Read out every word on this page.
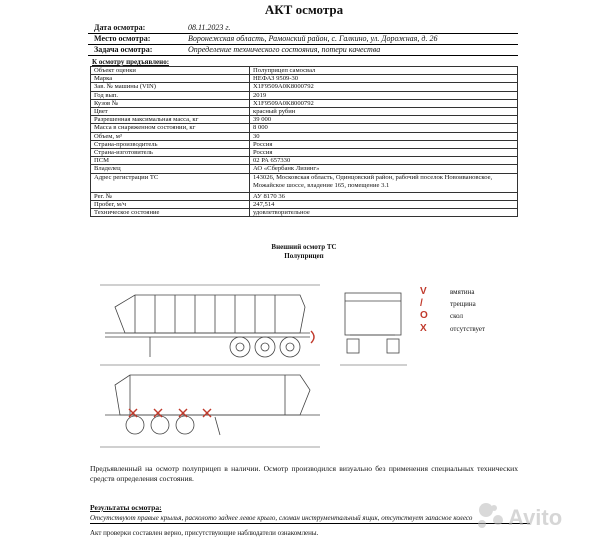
АКТ осмотра
Дата осмотра:	08.11.2023 г.
Место осмотра:	Воронежская область, Рамонский район, с. Галкино, ул. Дорожная, д. 26
Задача осмотра:	Определение технического состояния, потери качества
К осмотру предъявлено:
Объект оценки	Полуприцеп самосвал
Марка	НЕФАЗ 9509-30
Зав. № машины (VIN)	X1F9509A0K8000792
Год вып.	2019
Кузов №	X1F9509A0K8000792
Цвет	красный рубин
Разрешенная максимальная масса, кг	39 000
Масса в снаряженном состоянии, кг	8 000
Объем, м³	30
Страна-производитель	Россия
Страна-изготовитель	Россия
ПСМ	02 РА 657330
Владелец	АО «Сбербанк Лизинг»
Адрес регистрации ТС	143026, Московская область, Одинцовский район, рабочий поселок Новоивановское, Можайское шоссе, владение 165, помещение 3.1
Рег. №	АУ 8170 36
Пробег, м/ч	247,514
Техническое состояние	удовлетворительное
Внешний осмотр ТС
Полуприцеп
V	вмятина
/	трещина
O	скол
X	отсутствует
Предъявленный на осмотр полуприцеп в наличии. Осмотр производился визуально без применения специальных технических средств определения состояния.
Результаты осмотра:
Отсутствуют правые крылья, расколото заднее левое крыло, сломан инструментальный ящик, отсутствует запасное колесо
Акт проверки составлен верно, присутствующие наблюдатели ознакомлены.
Avito
